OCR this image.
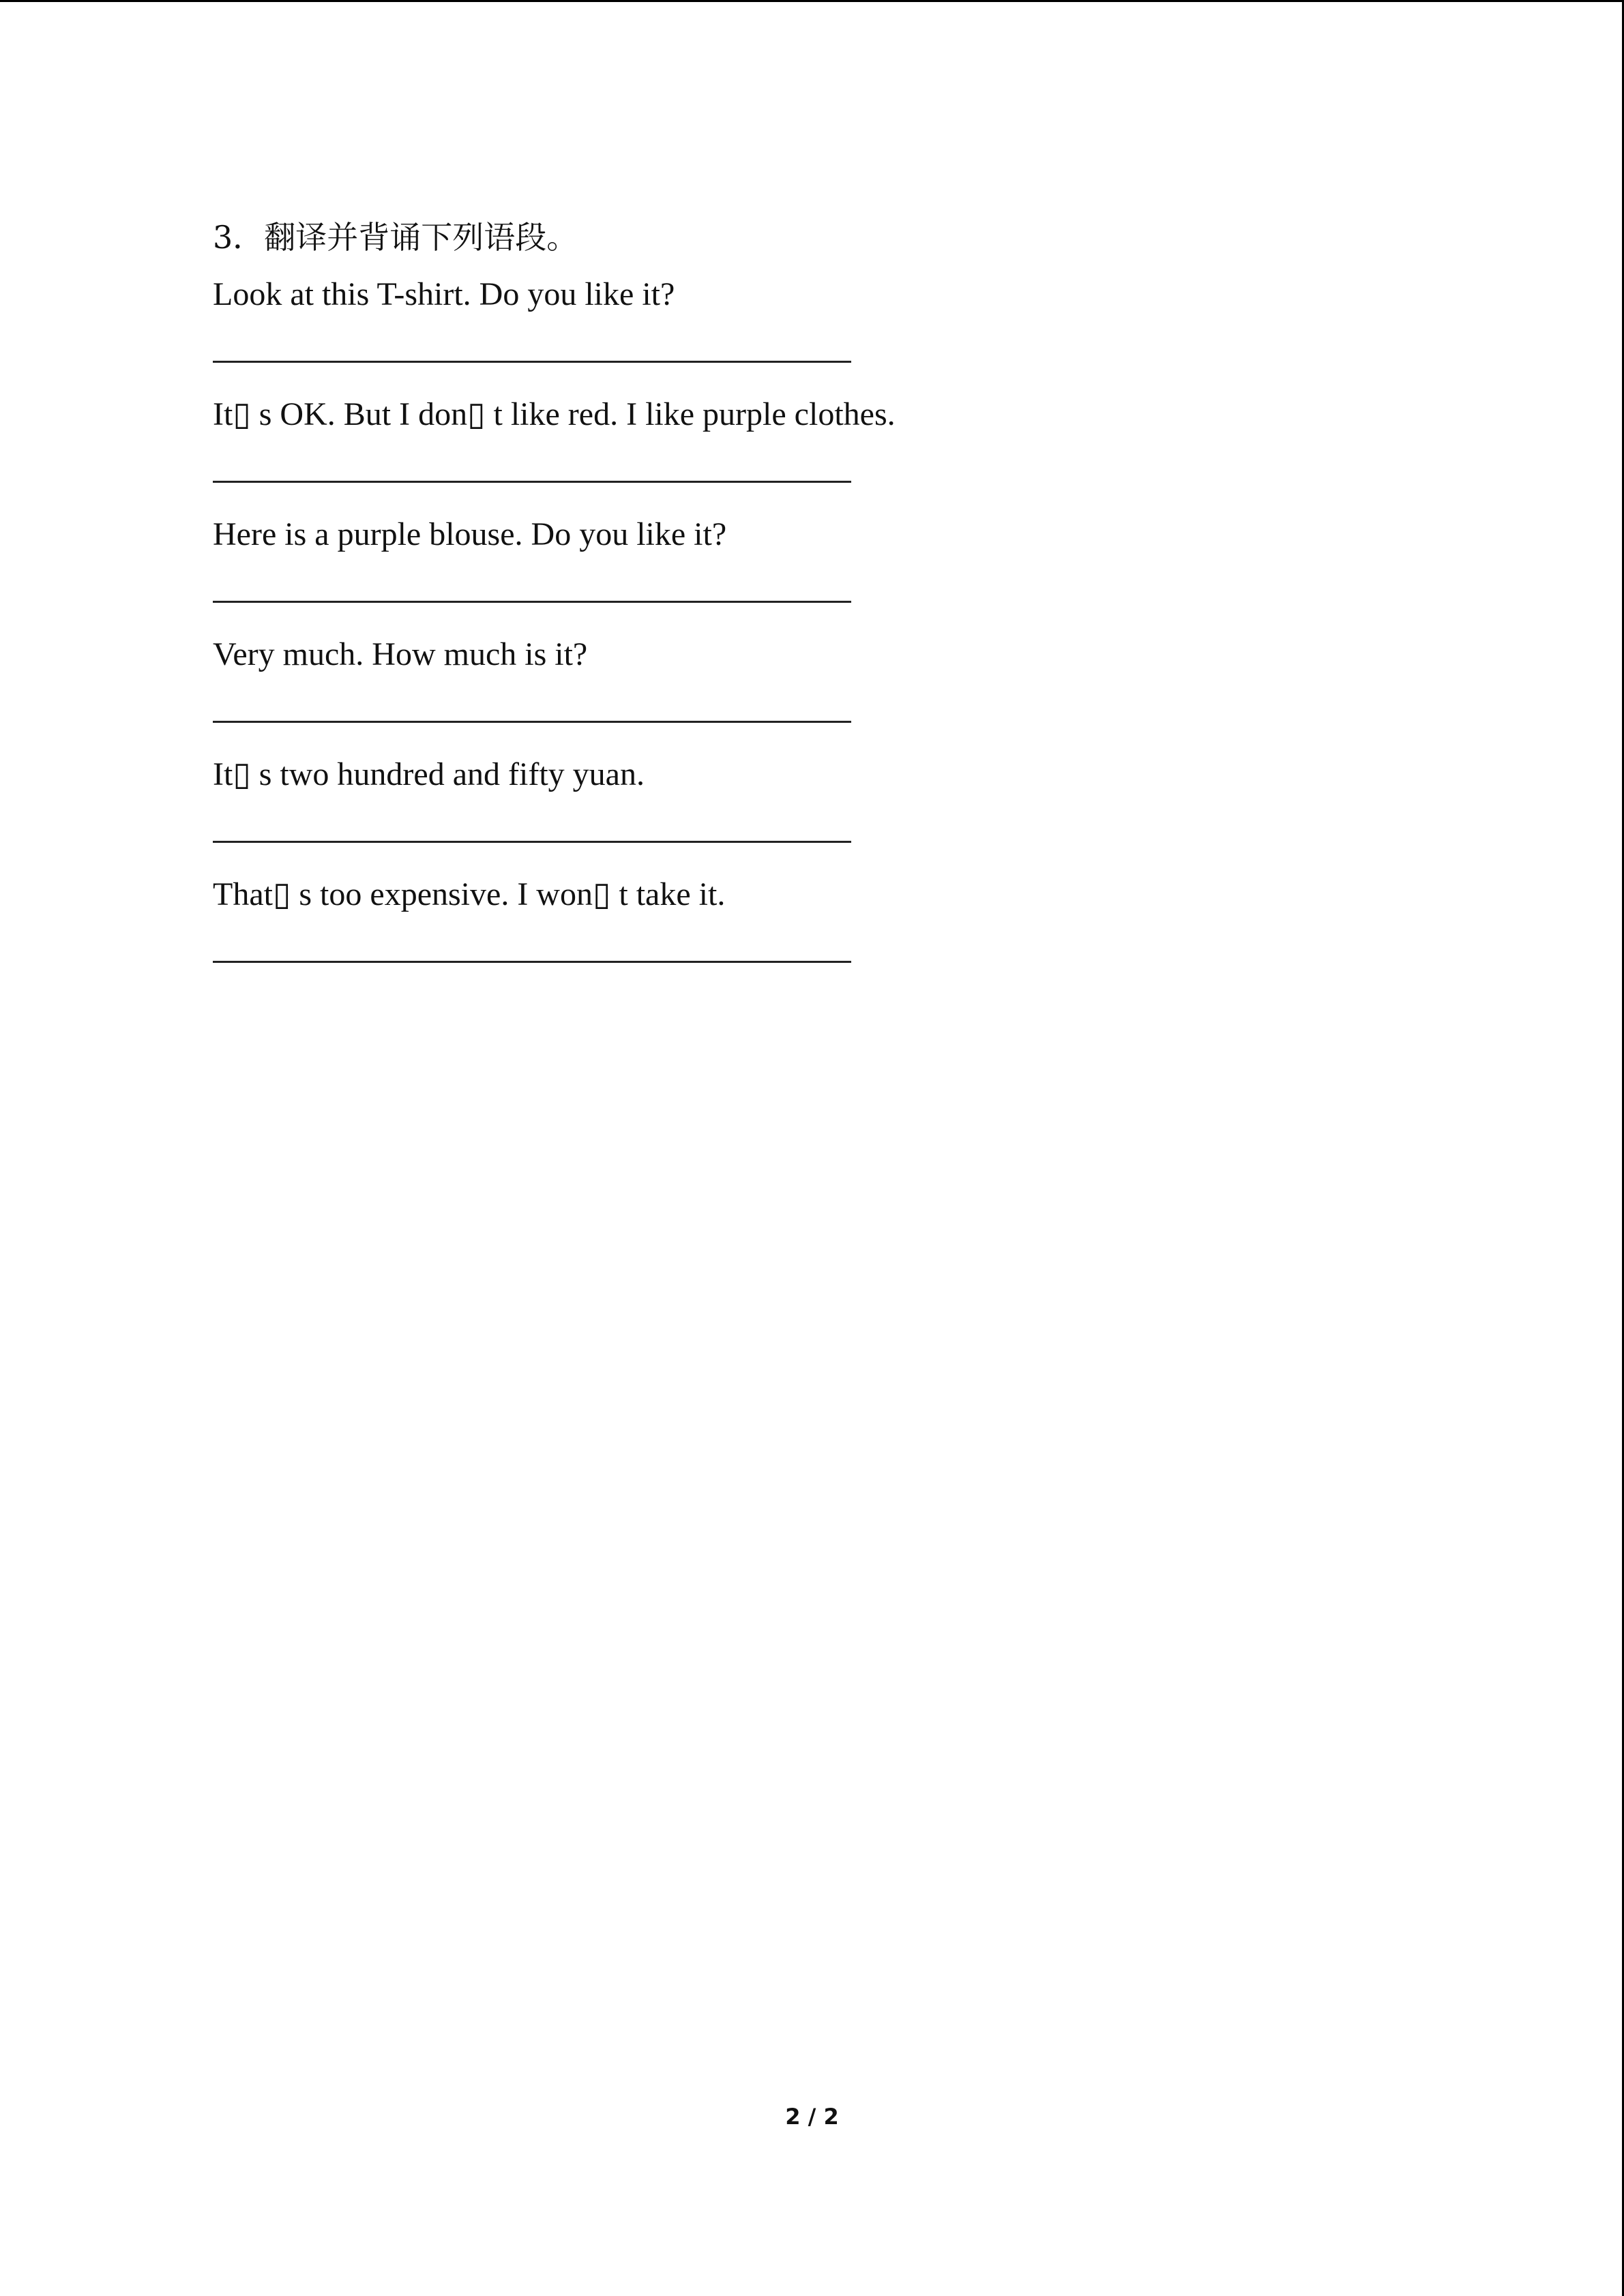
3．翻译并背诵下列语段。

Look at this T-shirt. Do you like it?
It▯ s OK. But I don▯ t like red. I like purple clothes.
Here is a purple blouse. Do you like it?
Very much. How much is it?
It▯ s two hundred and fifty yuan.
That▯ s too expensive. I won▯ t take it.
2 / 2
